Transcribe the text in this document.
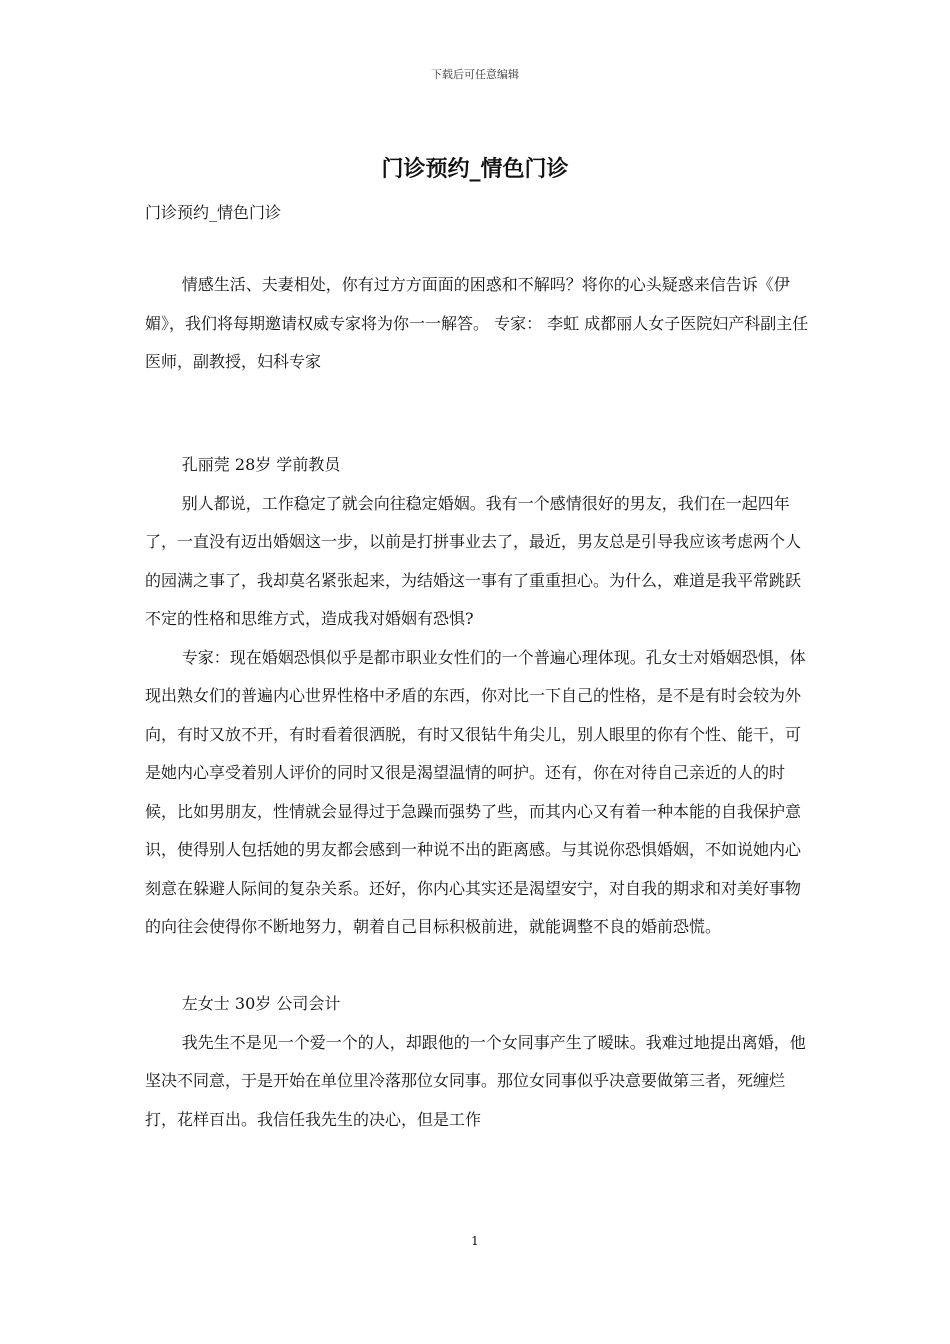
下载后可任意编辑
门诊预约_情色门诊

门诊预约_情色门诊

情感生活、夫妻相处，你有过方方面面的困惑和不解吗？将你的心头疑惑来信告诉《伊媚》，我们将每期邀请权威专家将为你一一解答。 专家： 李虹 成都丽人女子医院妇产科副主任医师，副教授，妇科专家

孔丽莞 28岁 学前教员

别人都说，工作稳定了就会向往稳定婚姻。我有一个感情很好的男友，我们在一起四年了，一直没有迈出婚姻这一步，以前是打拼事业去了，最近，男友总是引导我应该考虑两个人的园满之事了，我却莫名紧张起来，为结婚这一事有了重重担心。为什么，难道是我平常跳跃不定的性格和思维方式，造成我对婚姻有恐惧?

专家：现在婚姻恐惧似乎是都市职业女性们的一个普遍心理体现。孔女士对婚姻恐惧，体现出熟女们的普遍内心世界性格中矛盾的东西，你对比一下自己的性格，是不是有时会较为外向，有时又放不开，有时看着很洒脱，有时又很钻牛角尖儿，别人眼里的你有个性、能干，可是她内心享受着别人评价的同时又很是渴望温情的呵护。还有，你在对待自己亲近的人的时候，比如男朋友，性情就会显得过于急躁而强势了些，而其内心又有着一种本能的自我保护意识，使得别人包括她的男友都会感到一种说不出的距离感。与其说你恐惧婚姻，不如说她内心刻意在躲避人际间的复杂关系。还好，你内心其实还是渴望安宁，对自我的期求和对美好事物的向往会使得你不断地努力，朝着自己目标积极前进，就能调整不良的婚前恐慌。

左女士 30岁 公司会计

我先生不是见一个爱一个的人，却跟他的一个女同事产生了暧昧。我难过地提出离婚，他坚决不同意，于是开始在单位里冷落那位女同事。那位女同事似乎决意要做第三者，死缠烂打，花样百出。我信任我先生的决心，但是工作

1
